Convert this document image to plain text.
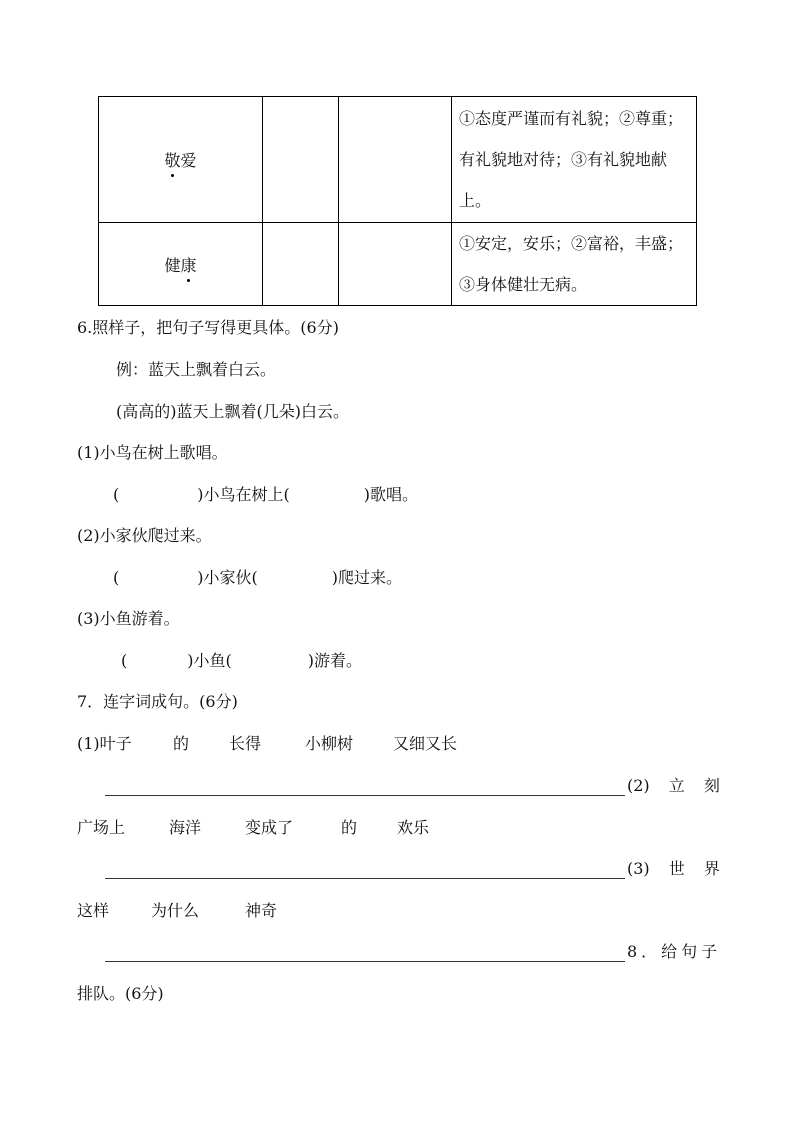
敬爱			①态度严谨而有礼貌；②尊重；有礼貌地对待；③有礼貌地献上。

健康			①安定，安乐；②富裕，丰盛；③身体健壮无病。
6.照样子，把句子写得更具体。(6分)
例：蓝天上飘着白云。
(高高的)蓝天上飘着(几朵)白云。
(1)小鸟在树上歌唱。
(	)小鸟在树上(	)歌唱。
(2)小家伙爬过来。
(	)小家伙(	)爬过来。
(3)小鱼游着。
(	)小鱼(	)游着。
7．连字词成句。(6分)
(1)叶子	的 长得	小柳树 又细又长
(2) 立 刻
广场上	海洋	变成了	的 欢乐
(3) 世 界
这样	为什么	神奇
8．给句子
排队。(6分)
